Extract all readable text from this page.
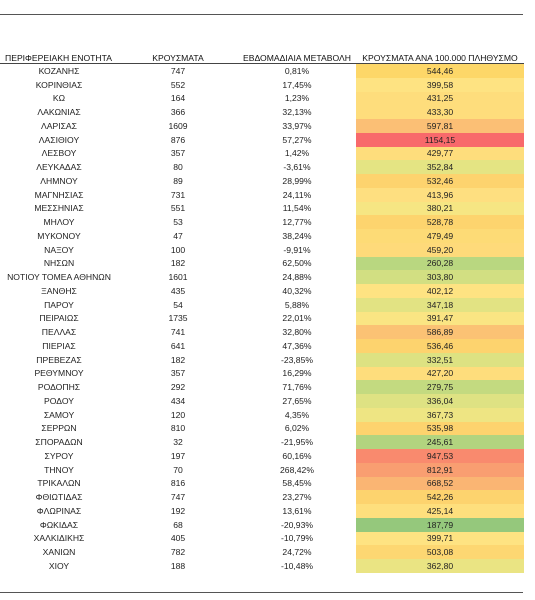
ΠΕΡΙΦΕΡΕΙΑΚΗ ΕΝΟΤΗΤΑ	ΚΡΟΥΣΜΑΤΑ	ΕΒΔΟΜΑΔΙΑΙΑ ΜΕΤΑΒΟΛΗ	ΚΡΟΥΣΜΑΤΑ ΑΝΑ 100.000 ΠΛΗΘΥΣΜΟ
ΚΟΖΑΝΗΣ	747	0,81%	544,46
ΚΟΡΙΝΘΙΑΣ	552	17,45%	399,58
ΚΩ	164	1,23%	431,25
ΛΑΚΩΝΙΑΣ	366	32,13%	433,30
ΛΑΡΙΣΑΣ	1609	33,97%	597,81
ΛΑΣΙΘΙΟΥ	876	57,27%	1154,15
ΛΕΣΒΟΥ	357	1,42%	429,77
ΛΕΥΚΑΔΑΣ	80	-3,61%	352,84
ΛΗΜΝΟΥ	89	28,99%	532,46
ΜΑΓΝΗΣΙΑΣ	731	24,11%	413,96
ΜΕΣΣΗΝΙΑΣ	551	11,54%	380,21
ΜΗΛΟΥ	53	12,77%	528,78
ΜΥΚΟΝΟΥ	47	38,24%	479,49
ΝΑΞΟΥ	100	-9,91%	459,20
ΝΗΣΩΝ	182	62,50%	260,28
ΝΟΤΙΟΥ ΤΟΜΕΑ ΑΘΗΝΩΝ	1601	24,88%	303,80
ΞΑΝΘΗΣ	435	40,32%	402,12
ΠΑΡΟΥ	54	5,88%	347,18
ΠΕΙΡΑΙΩΣ	1735	22,01%	391,47
ΠΕΛΛΑΣ	741	32,80%	586,89
ΠΙΕΡΙΑΣ	641	47,36%	536,46
ΠΡΕΒΕΖΑΣ	182	-23,85%	332,51
ΡΕΘΥΜΝΟΥ	357	16,29%	427,20
ΡΟΔΟΠΗΣ	292	71,76%	279,75
ΡΟΔΟΥ	434	27,65%	336,04
ΣΑΜΟΥ	120	4,35%	367,73
ΣΕΡΡΩΝ	810	6,02%	535,98
ΣΠΟΡΑΔΩΝ	32	-21,95%	245,61
ΣΥΡΟΥ	197	60,16%	947,53
ΤΗΝΟΥ	70	268,42%	812,91
ΤΡΙΚΑΛΩΝ	816	58,45%	668,52
ΦΘΙΩΤΙΔΑΣ	747	23,27%	542,26
ΦΛΩΡΙΝΑΣ	192	13,61%	425,14
ΦΩΚΙΔΑΣ	68	-20,93%	187,79
ΧΑΛΚΙΔΙΚΗΣ	405	-10,79%	399,71
ΧΑΝΙΩΝ	782	24,72%	503,08
ΧΙΟΥ	188	-10,48%	362,80
